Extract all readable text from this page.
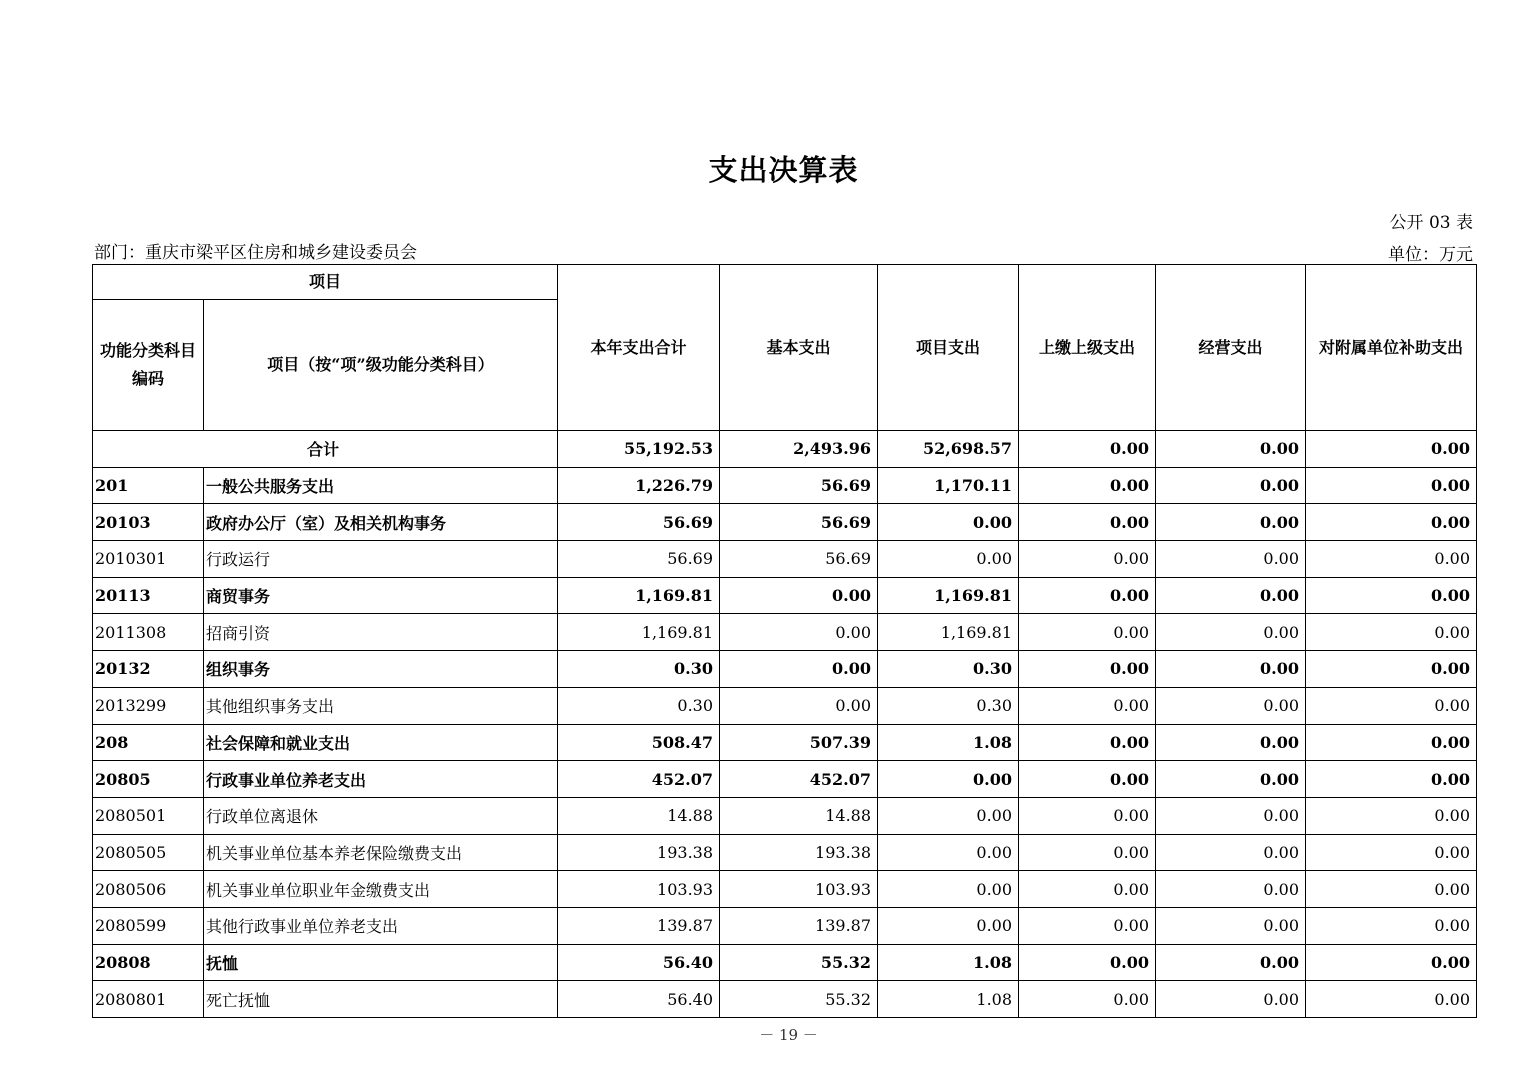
支出决算表
公开 03 表
部门：重庆市梁平区住房和城乡建设委员会	单位：万元
项目		本年支出合计	基本支出	项目支出	上缴上级支出	经营支出	对附属单位补助支出
功能分类科目编码	项目（按“项”级功能分类科目）						
合计		55,192.53	2,493.96	52,698.57	0.00	0.00	0.00
201	一般公共服务支出	1,226.79	56.69	1,170.11	0.00	0.00	0.00
20103	政府办公厅（室）及相关机构事务	56.69	56.69	0.00	0.00	0.00	0.00
2010301	行政运行	56.69	56.69	0.00	0.00	0.00	0.00
20113	商贸事务	1,169.81	0.00	1,169.81	0.00	0.00	0.00
2011308	招商引资	1,169.81	0.00	1,169.81	0.00	0.00	0.00
20132	组织事务	0.30	0.00	0.30	0.00	0.00	0.00
2013299	其他组织事务支出	0.30	0.00	0.30	0.00	0.00	0.00
208	社会保障和就业支出	508.47	507.39	1.08	0.00	0.00	0.00
20805	行政事业单位养老支出	452.07	452.07	0.00	0.00	0.00	0.00
2080501	行政单位离退休	14.88	14.88	0.00	0.00	0.00	0.00
2080505	机关事业单位基本养老保险缴费支出	193.38	193.38	0.00	0.00	0.00	0.00
2080506	机关事业单位职业年金缴费支出	103.93	103.93	0.00	0.00	0.00	0.00
2080599	其他行政事业单位养老支出	139.87	139.87	0.00	0.00	0.00	0.00
20808	抚恤	56.40	55.32	1.08	0.00	0.00	0.00
2080801	死亡抚恤	56.40	55.32	1.08	0.00	0.00	0.00
－ 19 －
